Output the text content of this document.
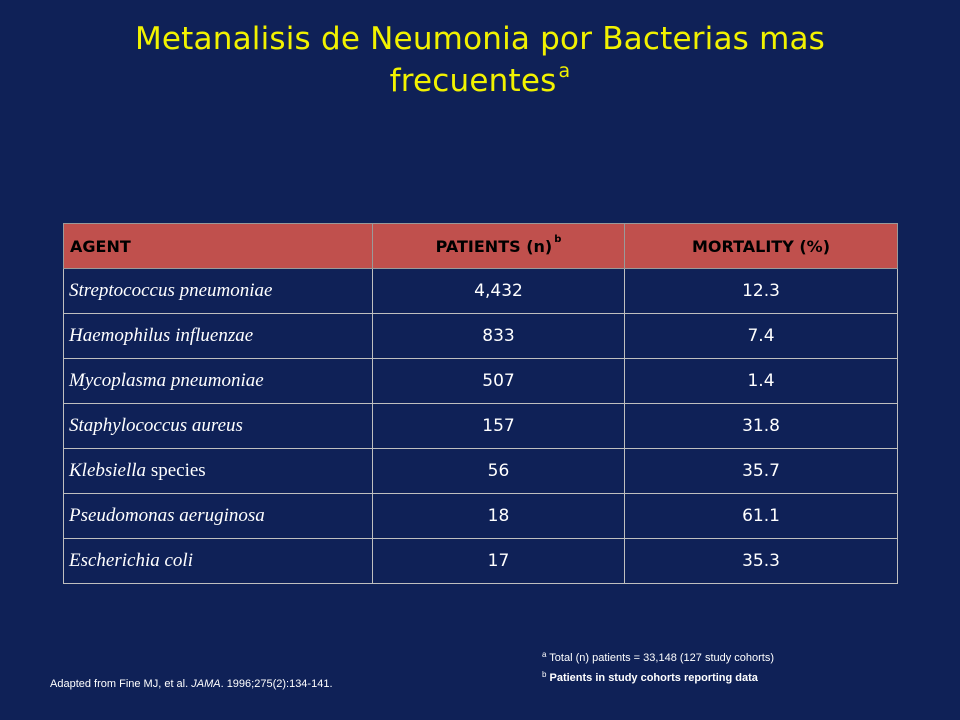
Metanalisis de Neumonia por Bacterias mas
frecuentes $^a$
AGENT	PATIENTS (n) $^b$	MORTALITY (%)
Streptococcus pneumoniae	4,432	12.3
Haemophilus influenzae	833	7.4
Mycoplasma pneumoniae	507	1.4
Staphylococcus aureus	157	31.8
Klebsiella species	56	35.7
Pseudomonas aeruginosa	18	61.1
Escherichia coli	17	35.3
$^a$ Total (n) patients = 33,148 (127 study cohorts)
$^b$ Patients in study cohorts reporting data
Adapted from Fine MJ, et al. JAMA. 1996;275(2):134-141.
